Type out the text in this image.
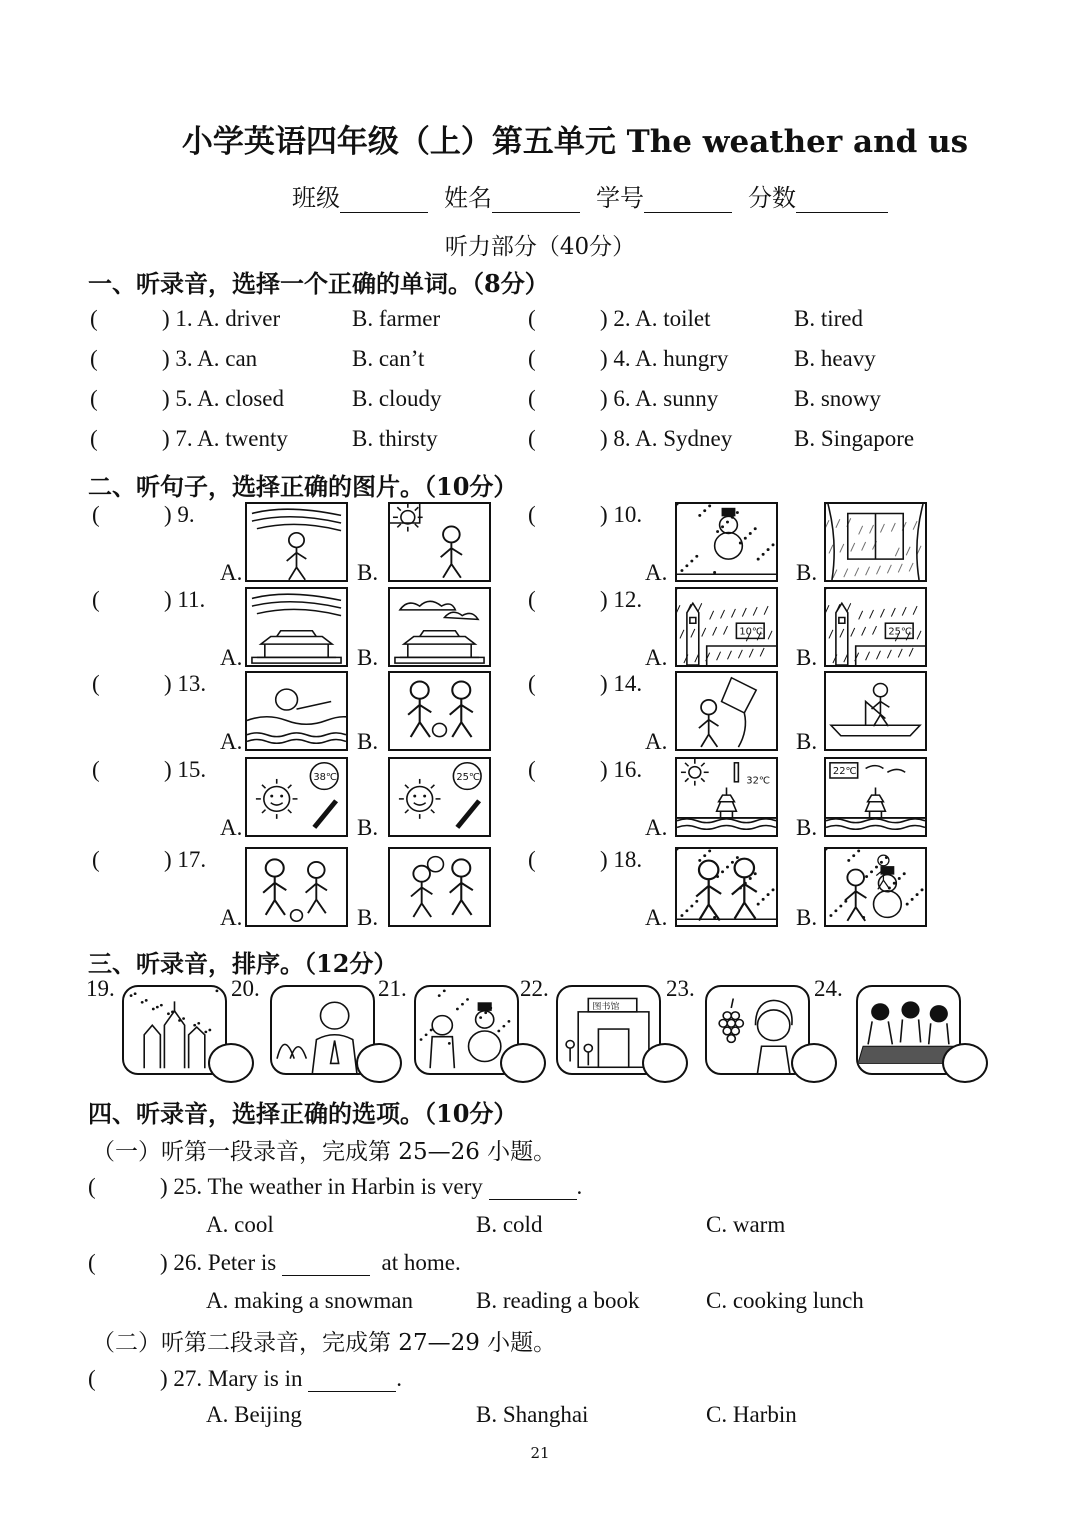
小学英语四年级（上）第五单元 The weather and us
班级	姓名	学号	分数
听力部分（40分）
一、听录音，选择一个正确的单词。（8分）
(	) 1. A. driver	B. farmer	(	) 2. A. toilet	B. tired
(	) 3. A. can	B. can’t	(	) 4. A. hungry	B. heavy
(	) 5. A. closed	B. cloudy	(	) 6. A. sunny	B. snowy
(	) 7. A. twenty	B. thirsty	(	) 8. A. Sydney	B. Singapore
二、听句子，选择正确的图片。（10分）
(	) 9.
A.	B.
(	) 10.
A.	B.
(	) 11.
A.	B.
(	) 12.
A.
10℃
B.
25℃
(	) 13.
A.	B.
(	) 14.
A.	B.
(	) 15.
A.
38℃
B.
25℃ (	) 16.
A.
32℃
B.
22℃
(	) 17.
A.	B.
(	) 18.
A.	B.
三、听录音，排序。（12分）
19.	20.	21.	22.
图书馆
23.	24.
四、听录音，选择正确的选项。（10分）
（一）听第一段录音，完成第 25—26 小题。
(	) 25. The weather in Harbin is very	.
A. cool	B. cold	C. warm
(	) 26. Peter is	at home.
A. making a snowman	B. reading a book	C. cooking lunch
（二）听第二段录音，完成第 27—29 小题。
(	) 27. Mary is in	.
A. Beijing	B. Shanghai	C. Harbin
21
